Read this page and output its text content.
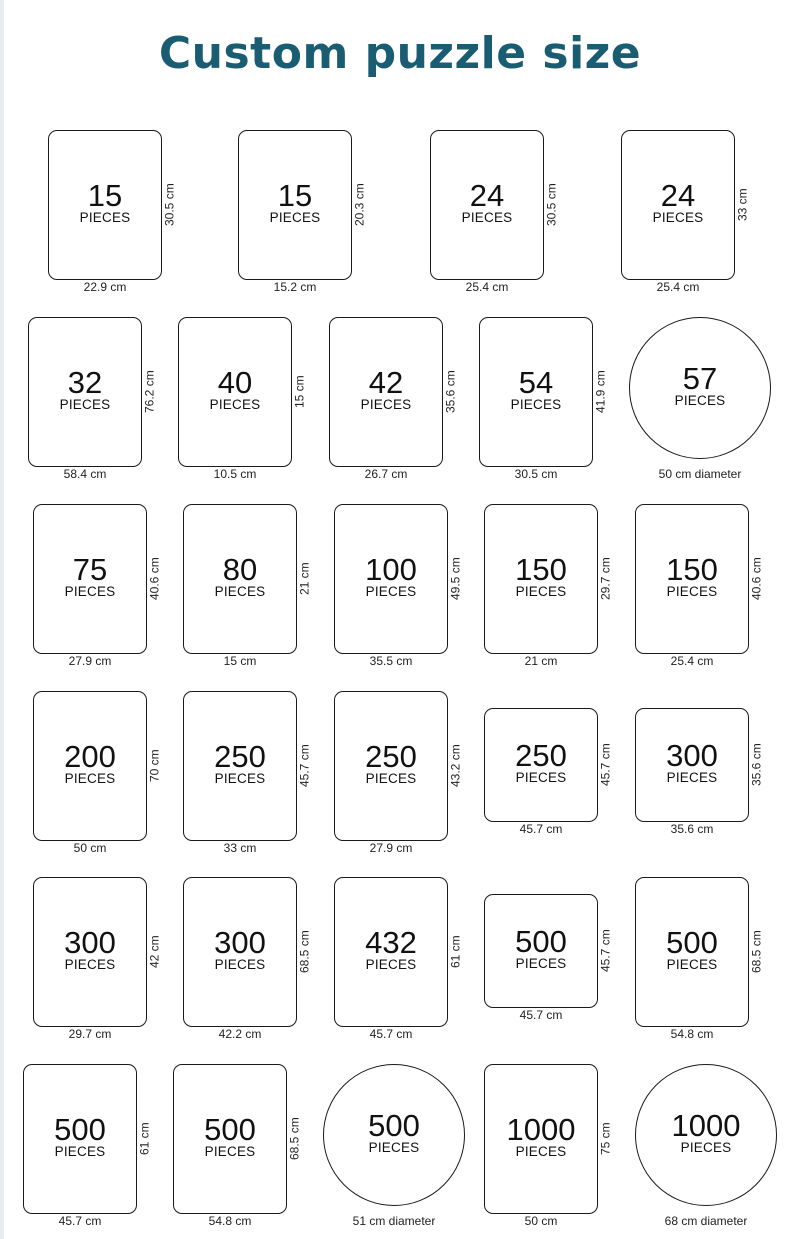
Custom puzzle size
15
PIECES
22.9 cm
30.5 cm	15
PIECES
15.2 cm
20.3 cm	24
PIECES
25.4 cm
30.5 cm	24
PIECES
25.4 cm
33 cm
32
PIECES
58.4 cm
76.2 cm	40
PIECES
10.5 cm
15 cm	42
PIECES
26.7 cm
35.6 cm	54
PIECES
30.5 cm
41.9 cm	57
PIECES
50 cm diameter
75
PIECES
27.9 cm
40.6 cm	80
PIECES
15 cm
21 cm	100
PIECES
35.5 cm
49.5 cm	150
PIECES
21 cm
29.7 cm	150
PIECES
25.4 cm
40.6 cm
200
PIECES
50 cm
70 cm	250
PIECES
33 cm
45.7 cm	250
PIECES
27.9 cm
43.2 cm	250
PIECES
45.7 cm
45.7 cm	300
PIECES
35.6 cm
35.6 cm
300
PIECES
29.7 cm
42 cm	300
PIECES
42.2 cm
68.5 cm	432
PIECES
45.7 cm
61 cm	500
PIECES
45.7 cm
45.7 cm	500
PIECES
54.8 cm
68.5 cm
500
PIECES
45.7 cm
61 cm	500
PIECES
54.8 cm
68.5 cm	500
PIECES
51 cm diameter
1000
PIECES
50 cm
75 cm	1000
PIECES
68 cm diameter
